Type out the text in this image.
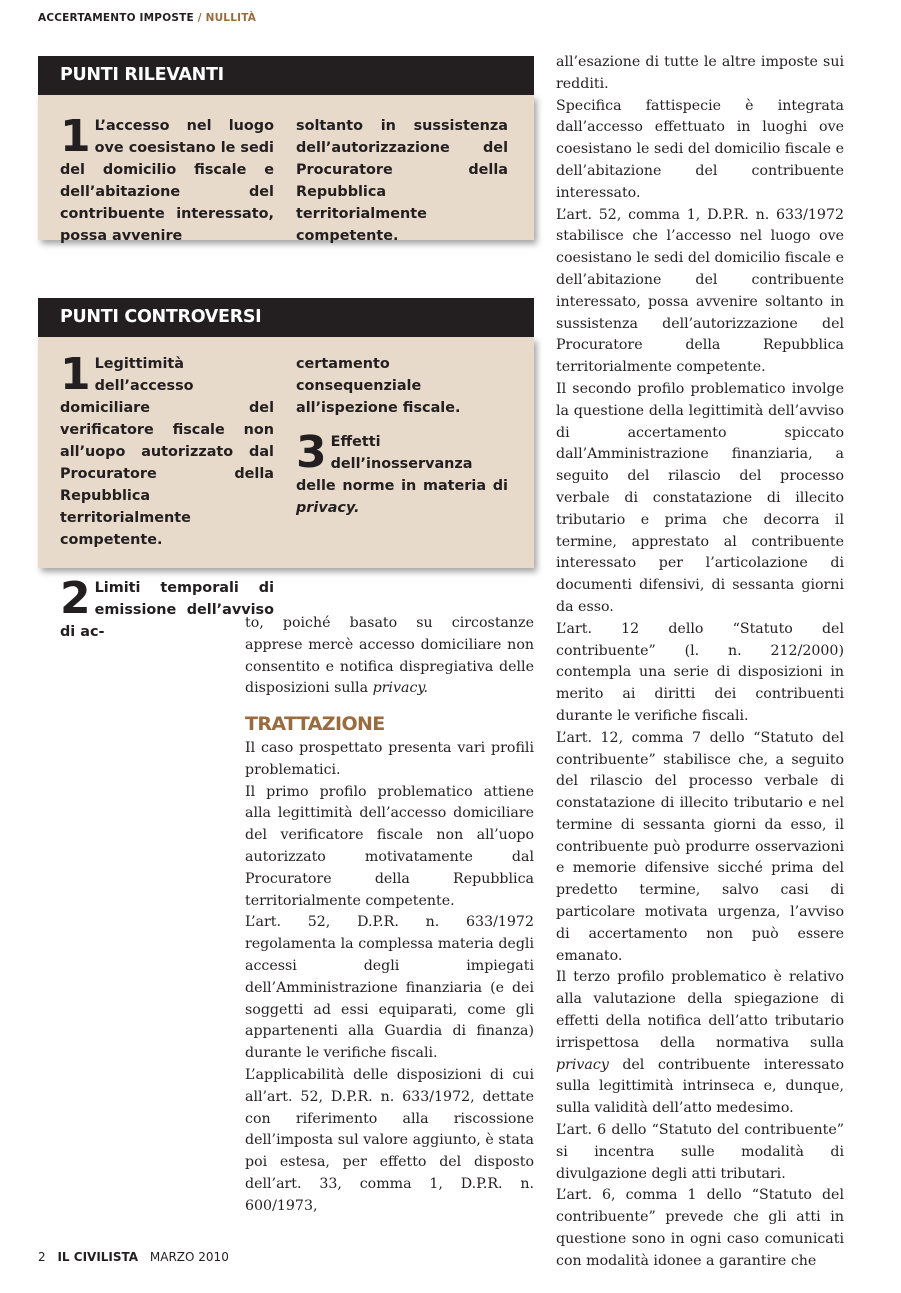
ACCERTAMENTO IMPOSTE / NULLITÀ
PUNTI RILEVANTI
1 L’accesso nel luogo ove coesistano le sedi del domicilio fiscale e dell’abitazione del contribuente interessato, possa avvenire
soltanto in sussistenza dell’autorizzazione del Procuratore della Repubblica territorialmente competente.
PUNTI CONTROVERSI
1 Legittimità dell’accesso domiciliare del verificatore fiscale non all’uopo autorizzato dal Procuratore della Repubblica territorialmente competente.
2 Limiti temporali di emissione dell’avviso di ac-
certamento consequenziale all’ispezione fiscale.
3 Effetti dell’inosservanza delle norme in materia di privacy.

to, poiché basato su circostanze apprese mercè accesso domiciliare non consentito e notifica dispregiativa delle disposizioni sulla privacy.

TRATTAZIONE

Il caso prospettato presenta vari profili problematici.

Il primo profilo problematico attiene alla legittimità dell’accesso domiciliare del verificatore fiscale non all’uopo autorizzato motivatamente dal Procuratore della Repubblica territorialmente competente.

L’art. 52, D.P.R. n. 633/1972 regolamenta la complessa materia degli accessi degli impiegati dell’Amministrazione finanziaria (e dei soggetti ad essi equiparati, come gli appartenenti alla Guardia di finanza) durante le verifiche fiscali.

L’applicabilità delle disposizioni di cui all’art. 52, D.P.R. n. 633/1972, dettate con riferimento alla riscossione dell’imposta sul valore aggiunto, è stata poi estesa, per effetto del disposto dell’art. 33, comma 1, D.P.R. n. 600/1973,

all’esazione di tutte le altre imposte sui redditi.

Specifica fattispecie è integrata dall’accesso effettuato in luoghi ove coesistano le sedi del domicilio fiscale e dell’abitazione del contribuente interessato.

L’art. 52, comma 1, D.P.R. n. 633/1972 stabilisce che l’accesso nel luogo ove coesistano le sedi del domicilio fiscale e dell’abitazione del contribuente interessato, possa avvenire soltanto in sussistenza dell’autorizzazione del Procuratore della Repubblica territorialmente competente.

Il secondo profilo problematico involge la questione della legittimità dell’avviso di accertamento spiccato dall’Amministrazione finanziaria, a seguito del rilascio del processo verbale di constatazione di illecito tributario e prima che decorra il termine, apprestato al contribuente interessato per l’articolazione di documenti difensivi, di sessanta giorni da esso.

L’art. 12 dello “Statuto del contribuente” (l. n. 212/2000) contempla una serie di disposizioni in merito ai diritti dei contribuenti durante le verifiche fiscali.

L’art. 12, comma 7 dello “Statuto del contribuente” stabilisce che, a seguito del rilascio del processo verbale di constatazione di illecito tributario e nel termine di sessanta giorni da esso, il contribuente può produrre osservazioni e memorie difensive sicché prima del predetto termine, salvo casi di particolare motivata urgenza, l’avviso di accertamento non può essere emanato.

Il terzo profilo problematico è relativo alla valutazione della spiegazione di effetti della notifica dell’atto tributario irrispettosa della normativa sulla privacy del contribuente interessato sulla legittimità intrinseca e, dunque, sulla validità dell’atto medesimo.

L’art. 6 dello “Statuto del contribuente” si incentra sulle modalità di divulgazione degli atti tributari.

L’art. 6, comma 1 dello “Statuto del contribuente” prevede che gli atti in questione sono in ogni caso comunicati con modalità idonee a garantire che

2 IL CIVILISTA MARZO 2010
